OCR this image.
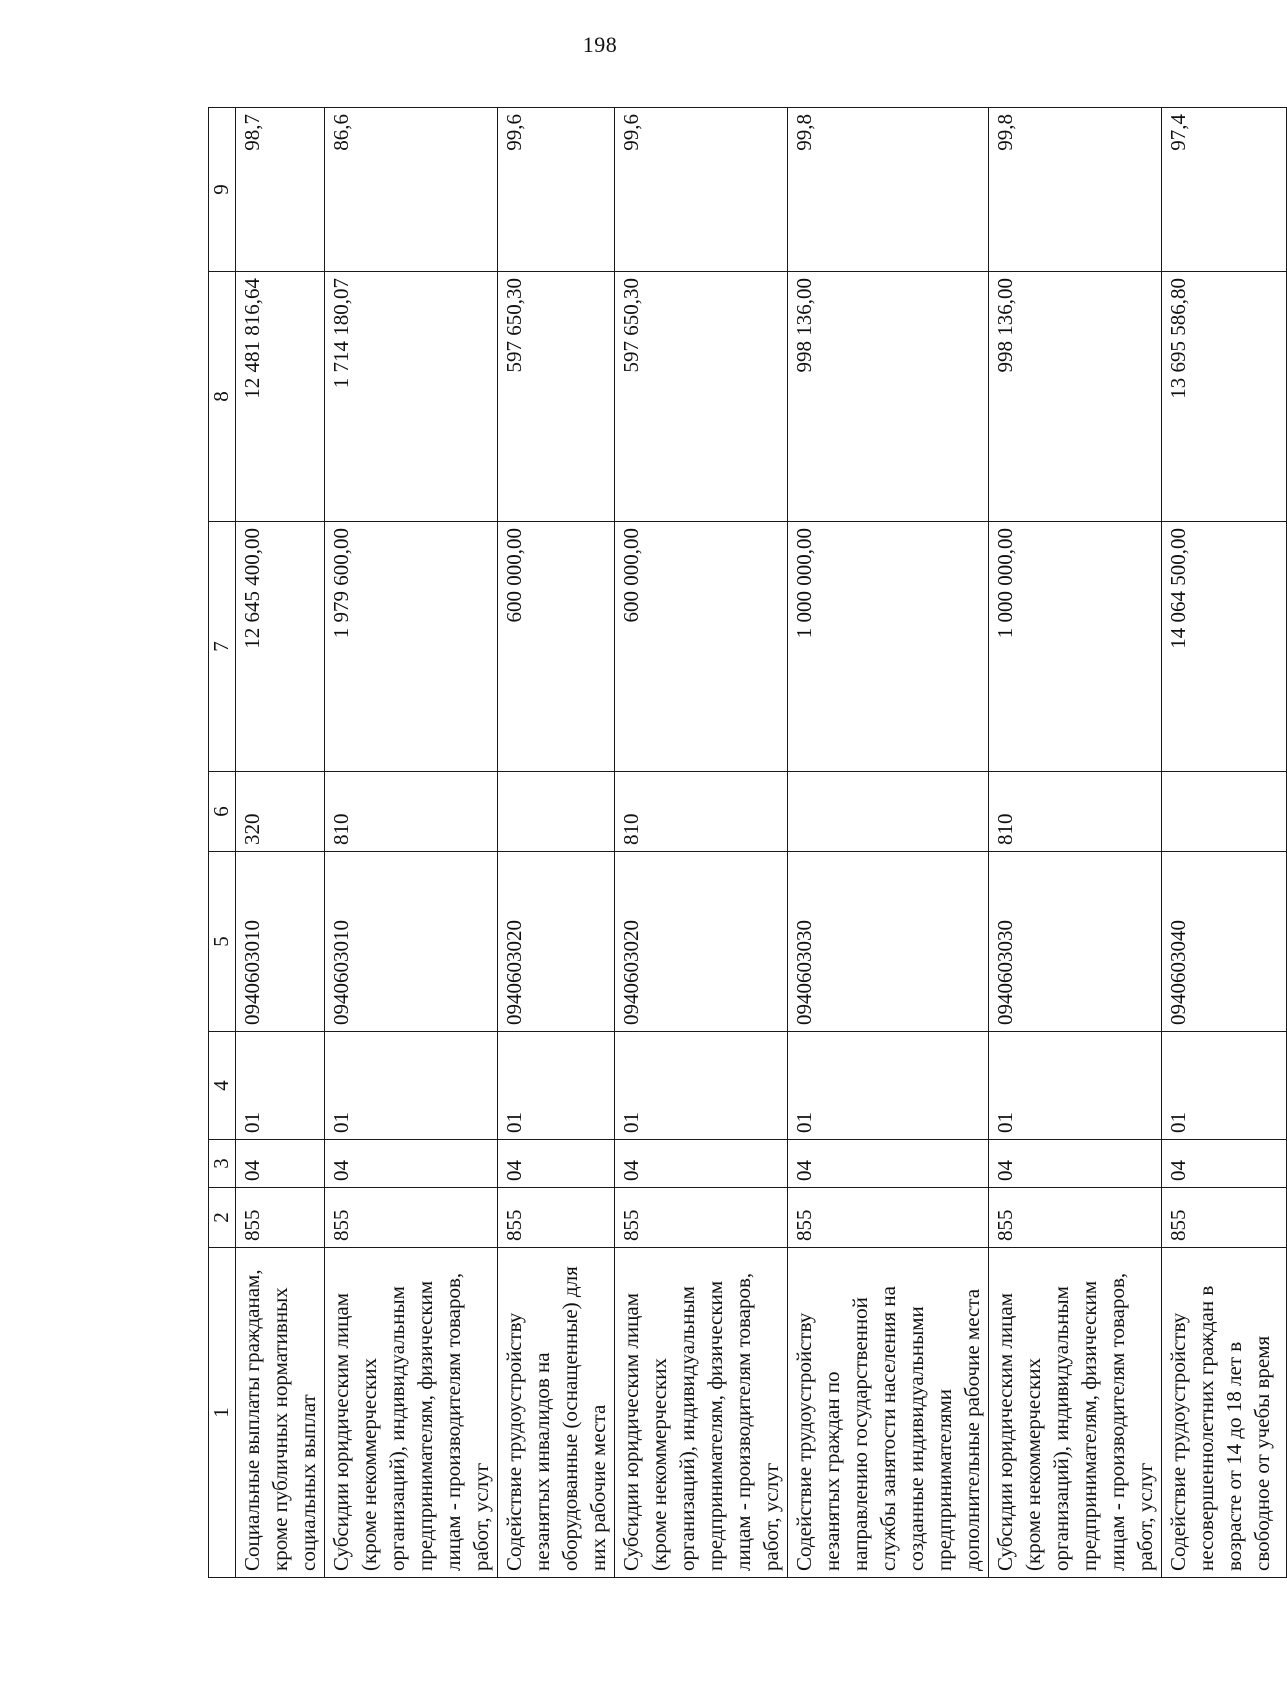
198
1	2	3	4	5	6	7	8	9
Социальные выплаты гражданам, кроме публичных нормативных социальных выплат	855	04	01	0940603010	320	12 645 400,00	12 481 816,64	98,7
Субсидии юридическим лицам (кроме некоммерческих организаций), индивидуальным предпринимателям, физическим лицам - производителям товаров, работ, услуг	855	04	01	0940603010	810	1 979 600,00	1 714 180,07	86,6
Содействие трудоустройству незанятых инвалидов на оборудованные (оснащенные) для них рабочие места	855	04	01	0940603020		600 000,00	597 650,30	99,6
Субсидии юридическим лицам (кроме некоммерческих организаций), индивидуальным предпринимателям, физическим лицам - производителям товаров, работ, услуг	855	04	01	0940603020	810	600 000,00	597 650,30	99,6
Содействие трудоустройству незанятых граждан по направлению государственной службы занятости населения на созданные индивидуальными предпринимателями дополнительные рабочие места	855	04	01	0940603030		1 000 000,00	998 136,00	99,8
Субсидии юридическим лицам (кроме некоммерческих организаций), индивидуальным предпринимателям, физическим лицам - производителям товаров, работ, услуг	855	04	01	0940603030	810	1 000 000,00	998 136,00	99,8
Содействие трудоустройству несовершеннолетних граждан в возрасте от 14 до 18 лет в свободное от учебы время	855	04	01	0940603040		14 064 500,00	13 695 586,80	97,4
